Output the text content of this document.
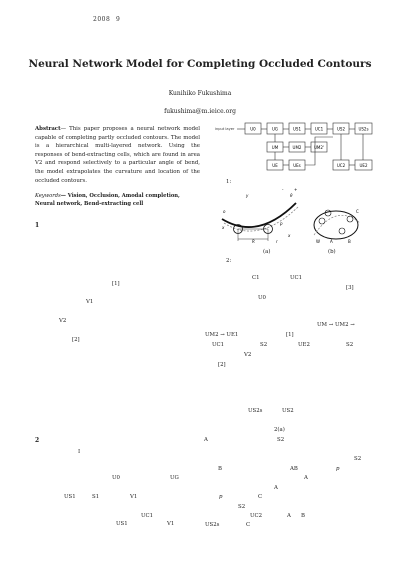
2008 9
Neural Network Model for Completing Occluded Contours
Kunihiko Fukushima
fukushima@m.ieice.org
Abstract— This paper proposes a neural network model capable of completing partly occluded contours. The model is a hierarchical multi-layered network. Using the responses of bend-extracting cells, which are found in area V2 and respond selectively to a particular angle of bend, the model extrapolates the curvature and location of the occluded contours.
Keywords— Vision, Occlusion, Amodal completion, Neural network, Bend-extracting cell
1
2
input layer	U0	UG	US1	UC1	US2	US2s
UM	UM2	UM2'
UE	UEs	UC2	UE2
1:
o
y
x
p
R	r
x
θ
-	+
C
W	A	B
(a)	(b)
2:
[1]
V1
V2
[2]
I
U0	UG
US1	S1	V1
UC1
US1	V1
C1	UC1
[3]
U0
UM → UM2 →
UM2 → UE1	[1]
UC1	S2	UE2	S2
V2
[2]
US2s	US2
2(a)
A	S2
S2
B	AB	p
A
A
p	C
S2
UC2	A B
US2s	C
